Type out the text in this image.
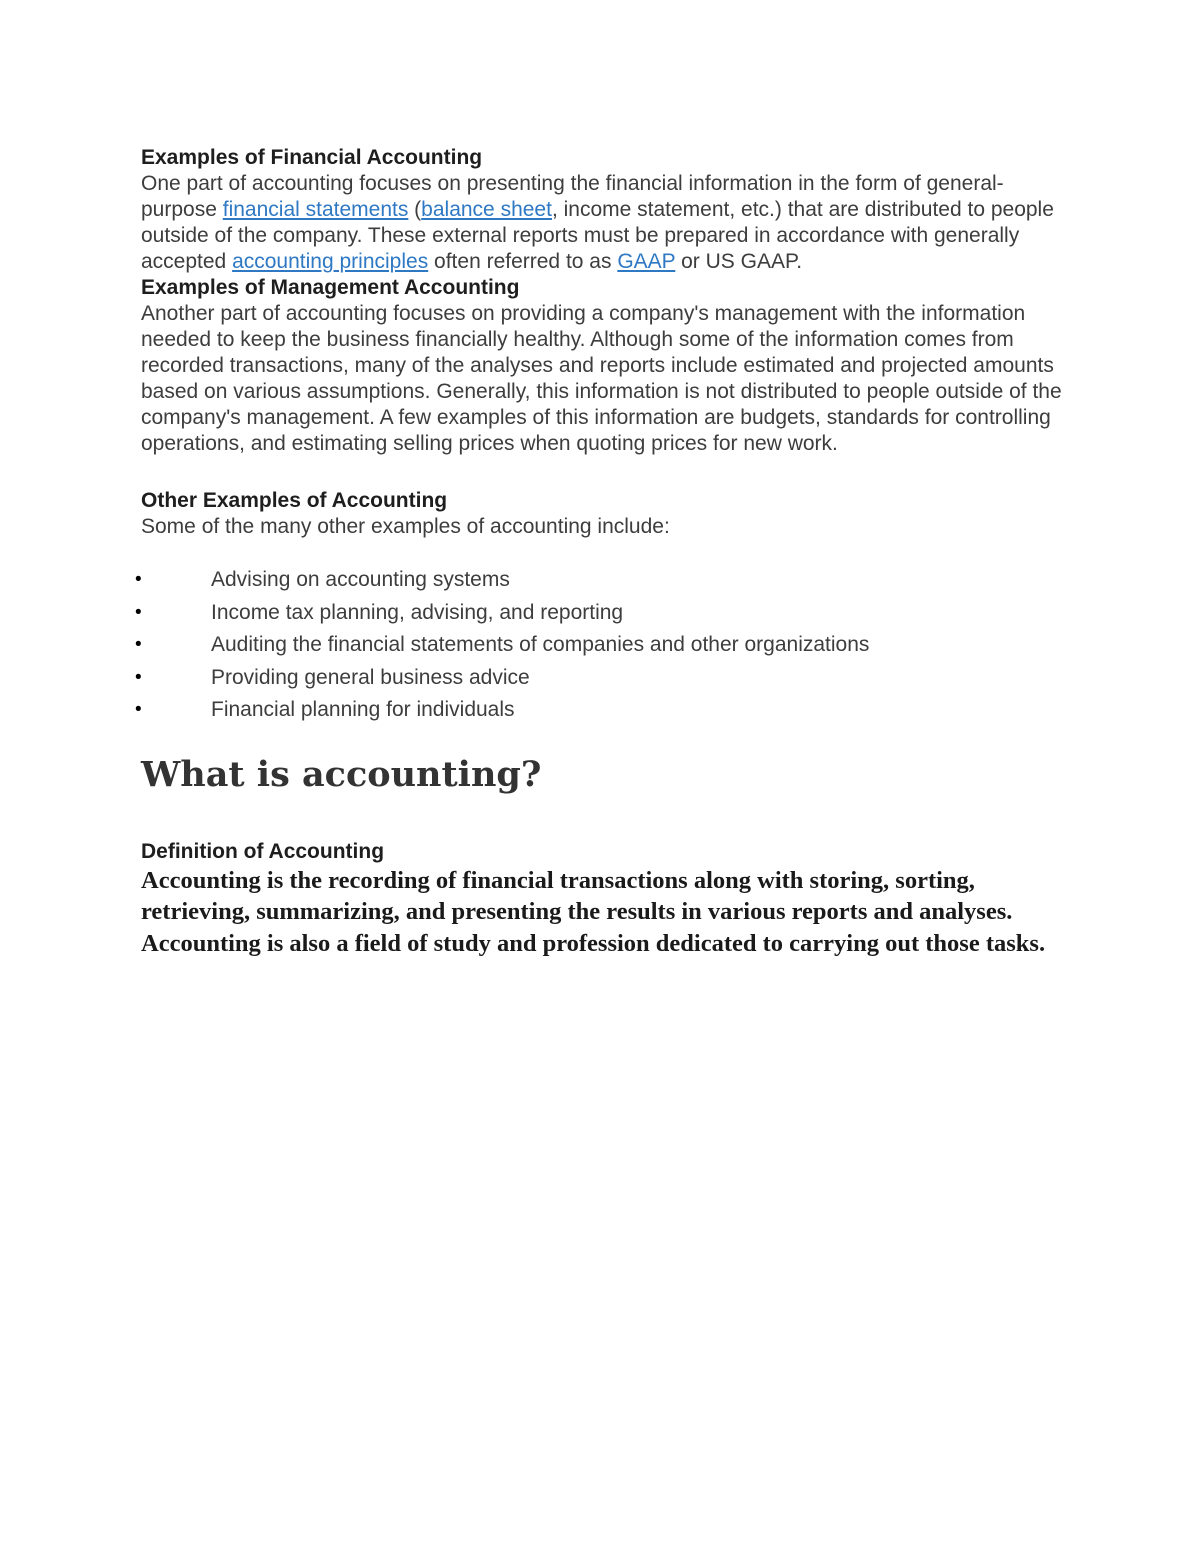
Examples of Financial Accounting

One part of accounting focuses on presenting the financial information in the form of general-purpose financial statements (balance sheet, income statement, etc.) that are distributed to people outside of the company. These external reports must be prepared in accordance with generally accepted accounting principles often referred to as GAAP or US GAAP.

Examples of Management Accounting

Another part of accounting focuses on providing a company's management with the information needed to keep the business financially healthy. Although some of the information comes from recorded transactions, many of the analyses and reports include estimated and projected amounts based on various assumptions. Generally, this information is not distributed to people outside of the company's management. A few examples of this information are budgets, standards for controlling operations, and estimating selling prices when quoting prices for new work.

Other Examples of Accounting

Some of the many other examples of accounting include:

•	Advising on accounting systems
•	Income tax planning, advising, and reporting
•	Auditing the financial statements of companies and other organizations
•	Providing general business advice
•	Financial planning for individuals
What is accounting?

Definition of Accounting

Accounting is the recording of financial transactions along with storing, sorting, retrieving, summarizing, and presenting the results in various reports and analyses. Accounting is also a field of study and profession dedicated to carrying out those tasks.
